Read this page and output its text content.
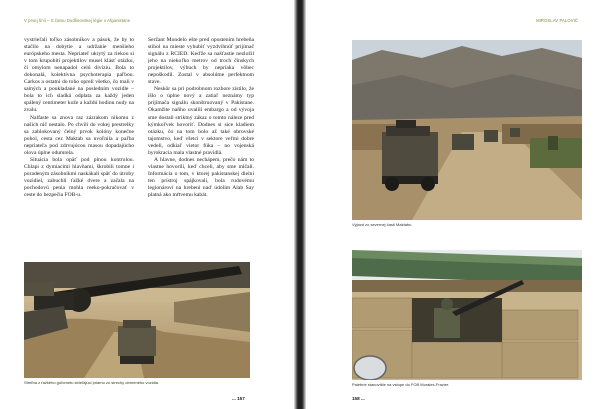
V prvej línii – S čatou Dudšeovskej légie v Afganistane

vystrieľali toľko zásobníkov a pások, že by to stačilo na dobytie a udržanie menšieho európskeho mesta. Nepriateľ ukrytý za riekou si v tom krupobití projektilov musel klásť otázku, či omylom nenapadol celú divíziu. Bola to dokonalá, kolektívna psychoterapia paľbou. Carkos a ostatní do toho opreli všetko, čo mali v samých a poukladané na posledním vozidle – bola to ich sladká odplata za každý jeden spálený centimeter kože a každú hodinu nudy na zvalu.

Nalfaste sa znova raz zázrakom nikomu z našich nič nestalo. Po chvíli do vokej prestrelky sa zablokovaný čelný prvok kolóny konečne pohol, cesta cez Maktab sa uvoľnila a paľba nepriateľa pod zdrvujúcou masou dopadajúcho olova úplne odumrela.

Situácia bola opäť pod plnou kontrolou. Chlapi z dymiacimi hlavňami, škrobili tomne i poradeným zásobníkmi naskákali späť do útroby vozidiel, zabuchli ťažké dvere a začala na pochodovú penia mohla reeko-pokračovať v ceste do bezpečia FOB-u.

Seržant Mondelo ešte pred opustením hrebeňa stihol na mieste vyhubiť vyzdvihnúť prijímač signálu z RCIED. Keďže sa našťastie nezložil jeho na niekoľko metrov od troch čínskych projektilov, výbuch by nepríaka vôbec nepoškodil. Zostal v absolútne perfektnom stave.

Neskôr sa pri podrobnom rozbore zistilo, že išlo o úplne nový a zatiaľ neznámy typ prijímača signálu skonštruovaný v Pakistane. Okamžite naňho uvalili embargo a od vývoja sme dostali striktný zákaz o tomto náleze pred kýmkoľvek hovoriť. Dodnes si sice kladiem otázku, čo na tom bolo až také obrovské tajomstvo, keď všetci v sektore veľmi dobre vedeli, odkiaľ vietor fúka – no vojenská byrokracia mala vlastné pravidlá.

A hlavne, dodnes nechápem, prečo nám to vlastne hovorili, keď chceli, aby sme mlčali. Informácia o tom, v ktorej pakistanskej dielni ten prístroj spájkovali, bola rudovému legionárovi na hrebeni naď údolím Alab Say platná ako mŕtvemu kabát.

Streľba z ťažkého guľometu strieľajúci priamo zo strechy obrneného vozidla.
... 157
MIROSLAV PALOVIČ
Výjazd zo severnej časti Maktabu.
Palebné stanovište na vstupe do FOB Morales-Frazier.
158 ...
